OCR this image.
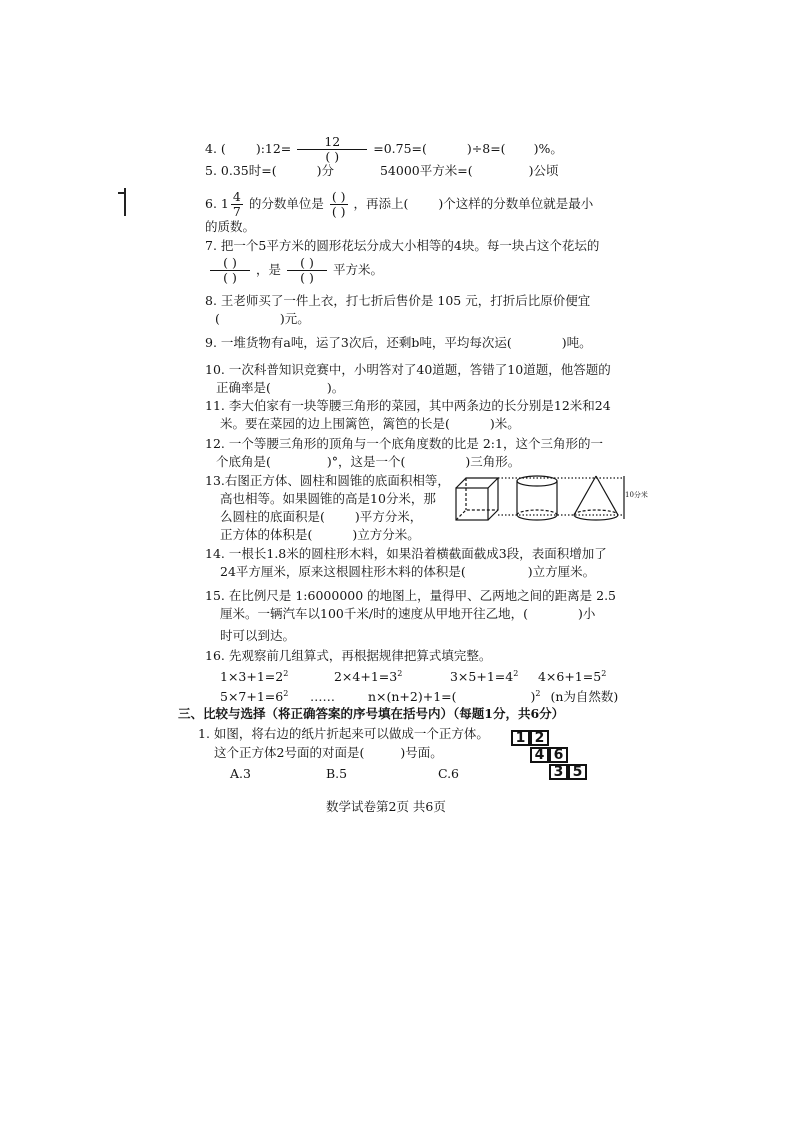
4. ( ):12= $\frac{12}{( )} =0.75=$(	)÷8=( )%。
5. 0.35时=(	)分	54000平方米=(	)公顷
6. $1 \frac{4}{7}$ 的分数单位是 $\frac{( )}{( )}$ ，再添上( )个这样的分数单位就是最小
的质数。
7. 把一个5平方米的圆形花坛分成大小相等的4块。每一块占这个花坛的
$\frac{( )}{( )}$ ，是 $\frac{( )}{( )}$ 平方米。
8. 王老师买了一件上衣，打七折后售价是 105 元，打折后比原价便宜
(	)元。
9. 一堆货物有a吨，运了3次后，还剩b吨，平均每次运(	)吨。
10. 一次科普知识竞赛中，小明答对了40道题，答错了10道题，他答题的
正确率是(	)。
11. 李大伯家有一块等腰三角形的菜园，其中两条边的长分别是12米和24
米。要在菜园的边上围篱笆，篱笆的长是(	)米。
12. 一个等腰三角形的顶角与一个底角度数的比是 2:1，这个三角形的一
个底角是(	)°，这是一个(	)三角形。
13.右图正方体、圆柱和圆锥的底面积相等，
高也相等。如果圆锥的高是10分米，那
么圆柱的底面积是( )平方分米，
正方体的体积是(	)立方分米。
10分米
14. 一根长1.8米的圆柱形木料，如果沿着横截面截成3段，表面积增加了
24平方厘米，原来这根圆柱形木料的体积是(	)立方厘米。
15. 在比例尺是 1:6000000 的地图上，量得甲、乙两地之间的距离是 2.5
厘米。一辆汽车以100千米/时的速度从甲地开往乙地，(	)小
时可以到达。
16. 先观察前几组算式，再根据规律把算式填完整。
$1\times 3+1=2^2$	$2\times 4+1=3^2$	$3\times 5+1=4^2$ $4\times 6+1=5^2$
$5\times 7+1=6^2$ ……	n×(n+2)+1=(	)$^2$ (n为自然数)
三、比较与选择（将正确答案的序号填在括号内）（每题1分，共6分）
1. 如图，将右边的纸片折起来可以做成一个正方体。
这个正方体2号面的对面是(	)号面。
A.3	B.5	C.6
1 2
4 6
3 5
数学试卷第2页 共6页
